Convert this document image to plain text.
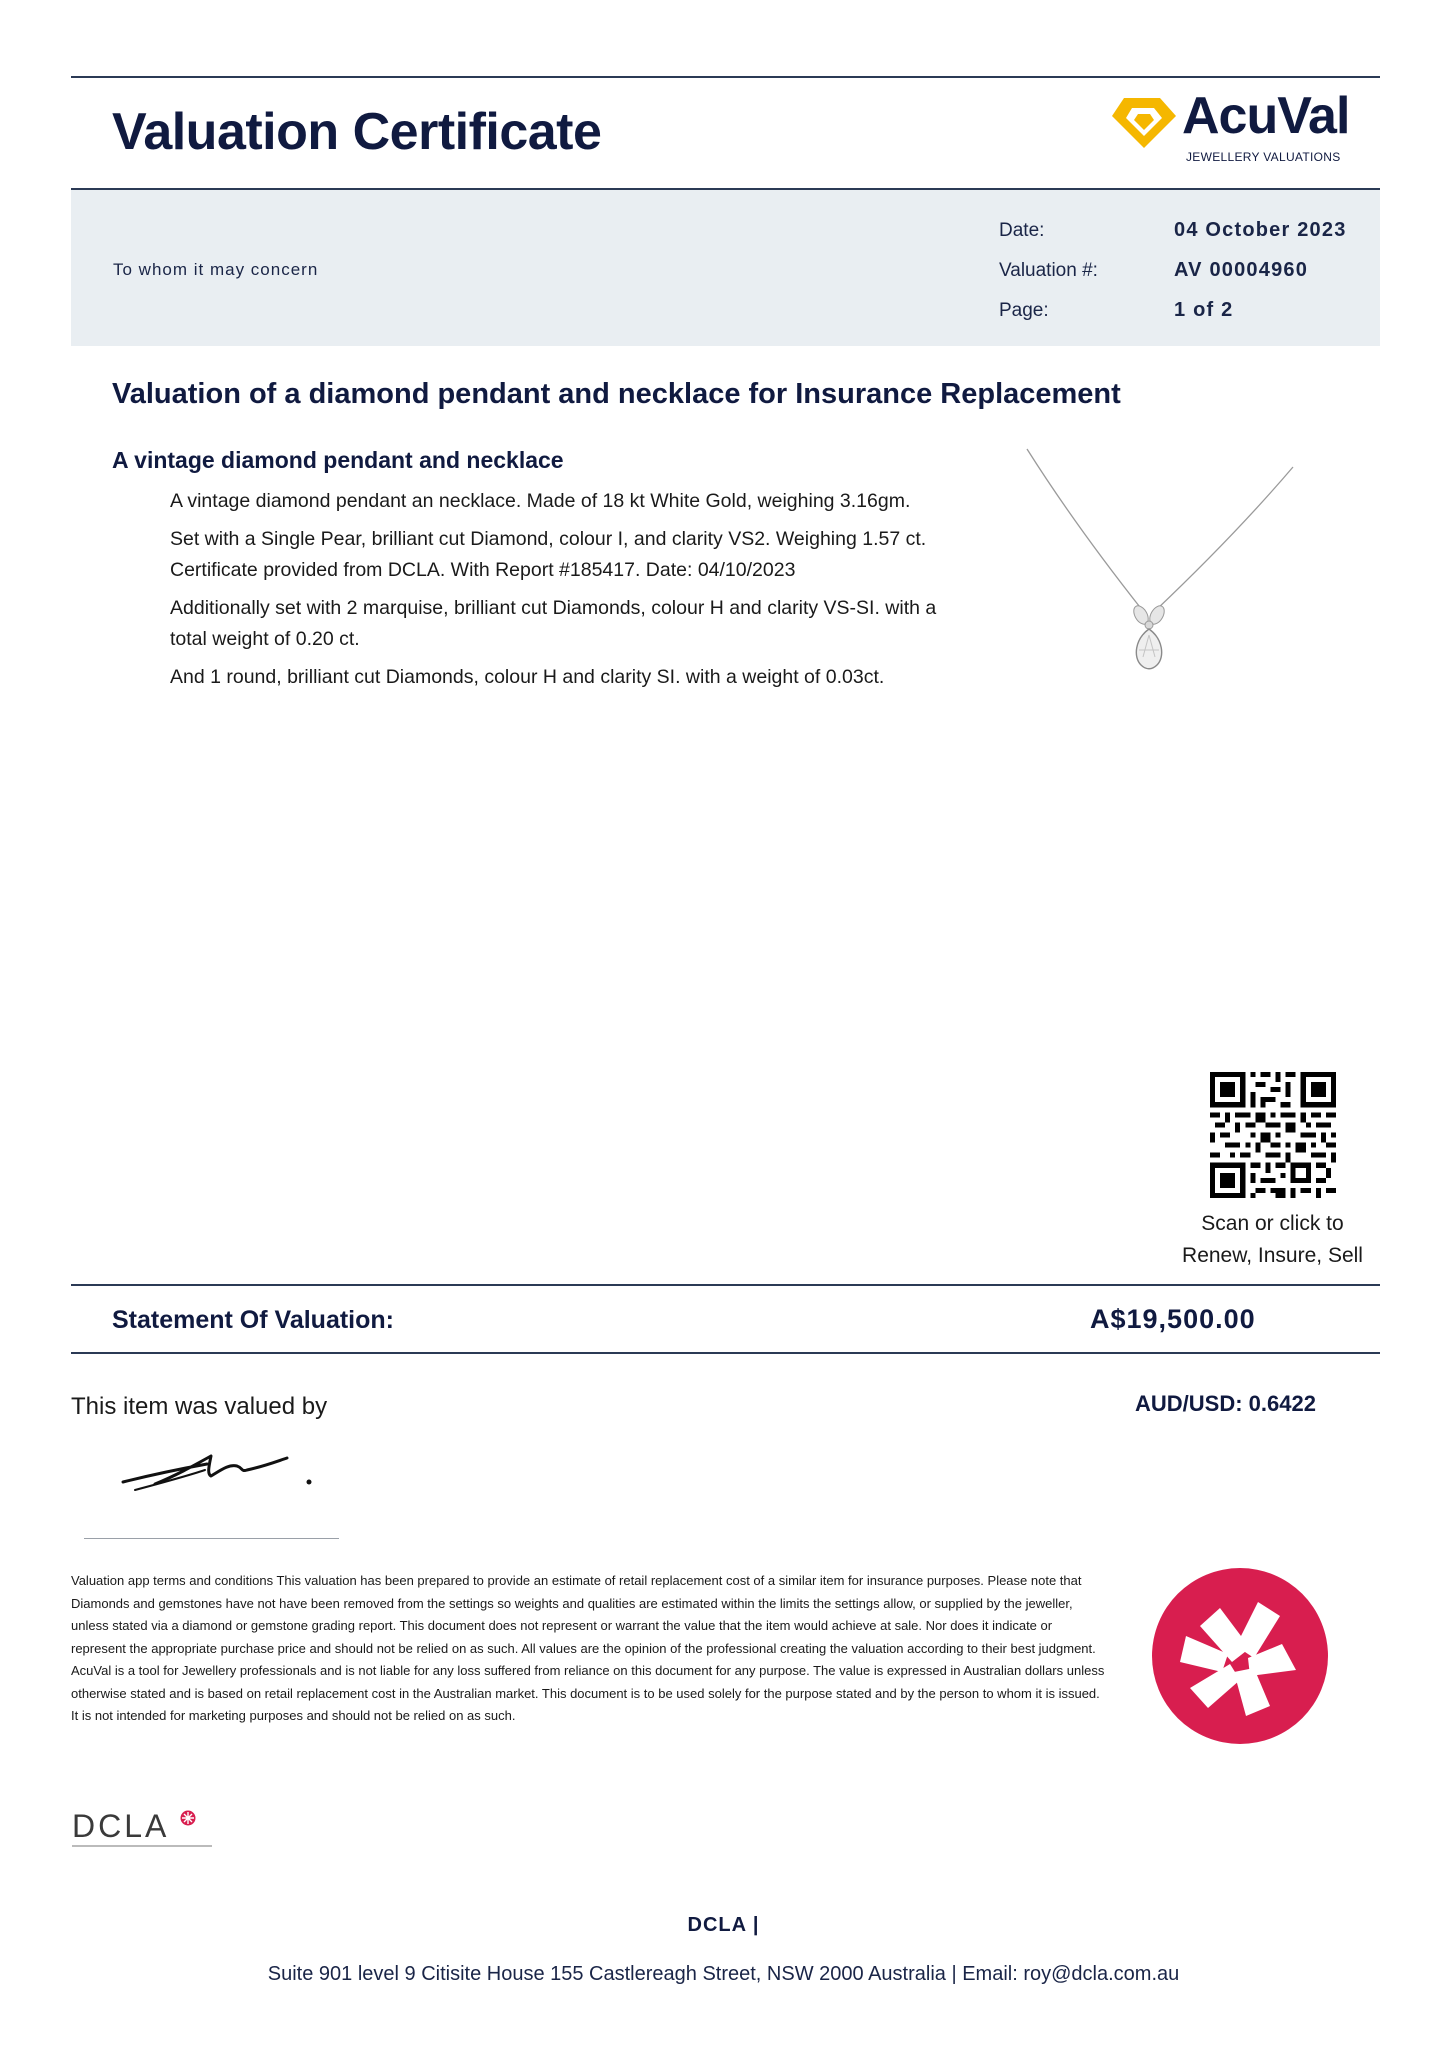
Valuation Certificate	AcuVal
JEWELLERY VALUATIONS
To whom it may concern
Date:	04 October 2023
Valuation #:	AV 00004960
Page:	1 of 2
Valuation of a diamond pendant and necklace for Insurance Replacement
A vintage diamond pendant and necklace
A vintage diamond pendant an necklace. Made of 18 kt White Gold, weighing 3.16gm.
Set with a Single Pear, brilliant cut Diamond, colour I, and clarity VS2. Weighing 1.57 ct. Certificate provided from DCLA. With Report #185417. Date: 04/10/2023
Additionally set with 2 marquise, brilliant cut Diamonds, colour H and clarity VS-SI. with a total weight of 0.20 ct.
And 1 round, brilliant cut Diamonds, colour H and clarity SI. with a weight of 0.03ct.
Scan or click to
Renew, Insure, Sell
Statement Of Valuation:	A$19,500.00
This item was valued by	AUD/USD: 0.6422
Valuation app terms and conditions This valuation has been prepared to provide an estimate of retail replacement cost of a similar item for insurance purposes. Please note that Diamonds and gemstones have not have been removed from the settings so weights and qualities are estimated within the limits the settings allow, or supplied by the jeweller, unless stated via a diamond or gemstone grading report. This document does not represent or warrant the value that the item would achieve at sale. Nor does it indicate or represent the appropriate purchase price and should not be relied on as such. All values are the opinion of the professional creating the valuation according to their best judgment. AcuVal is a tool for Jewellery professionals and is not liable for any loss suffered from reliance on this document for any purpose. The value is expressed in Australian dollars unless otherwise stated and is based on retail replacement cost in the Australian market. This document is to be used solely for the purpose stated and by the person to whom it is issued. It is not intended for marketing purposes and should not be relied on as such.
DCLA
DCLA |
Suite 901 level 9 Citisite House 155 Castlereagh Street, NSW 2000 Australia | Email: roy@dcla.com.au
